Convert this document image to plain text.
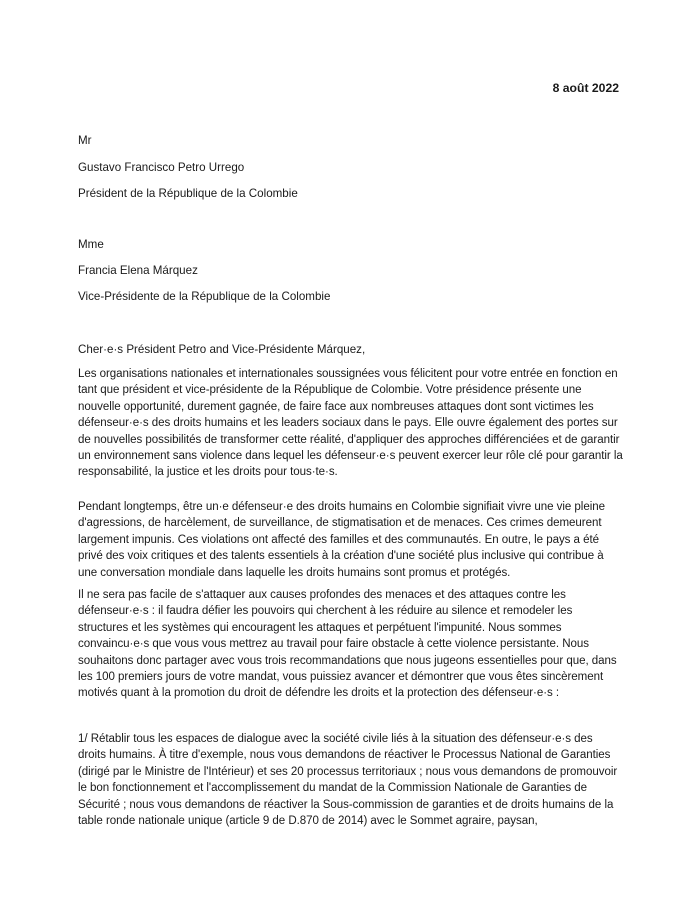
8 août 2022
Mr
Gustavo Francisco Petro Urrego
Président de la République de la Colombie
Mme
Francia Elena Márquez
Vice-Présidente de la République de la Colombie
Cher·e·s Président Petro and Vice-Présidente Márquez,

Les organisations nationales et internationales soussignées vous félicitent pour votre entrée en fonction en tant que président et vice-présidente de la République de Colombie. Votre présidence présente une nouvelle opportunité, durement gagnée, de faire face aux nombreuses attaques dont sont victimes les défenseur·e·s des droits humains et les leaders sociaux dans le pays. Elle ouvre également des portes sur de nouvelles possibilités de transformer cette réalité, d'appliquer des approches différenciées et de garantir un environnement sans violence dans lequel les défenseur·e·s peuvent exercer leur rôle clé pour garantir la responsabilité, la justice et les droits pour tous·te·s.

Pendant longtemps, être un·e défenseur·e des droits humains en Colombie signifiait vivre une vie pleine d'agressions, de harcèlement, de surveillance, de stigmatisation et de menaces. Ces crimes demeurent largement impunis. Ces violations ont affecté des familles et des communautés. En outre, le pays a été privé des voix critiques et des talents essentiels à la création d'une société plus inclusive qui contribue à une conversation mondiale dans laquelle les droits humains sont promus et protégés.

Il ne sera pas facile de s'attaquer aux causes profondes des menaces et des attaques contre les défenseur·e·s : il faudra défier les pouvoirs qui cherchent à les réduire au silence et remodeler les structures et les systèmes qui encouragent les attaques et perpétuent l'impunité. Nous sommes convaincu·e·s que vous vous mettrez au travail pour faire obstacle à cette violence persistante. Nous souhaitons donc partager avec vous trois recommandations que nous jugeons essentielles pour que, dans les 100 premiers jours de votre mandat, vous puissiez avancer et démontrer que vous êtes sincèrement motivés quant à la promotion du droit de défendre les droits et la protection des défenseur·e·s :

1/ Rétablir tous les espaces de dialogue avec la société civile liés à la situation des défenseur·e·s des droits humains. À titre d'exemple, nous vous demandons de réactiver le Processus National de Garanties (dirigé par le Ministre de l'Intérieur) et ses 20 processus territoriaux ; nous vous demandons de promouvoir le bon fonctionnement et l'accomplissement du mandat de la Commission Nationale de Garanties de Sécurité ; nous vous demandons de réactiver la Sous-commission de garanties et de droits humains de la table ronde nationale unique (article 9 de D.870 de 2014) avec le Sommet agraire, paysan,
